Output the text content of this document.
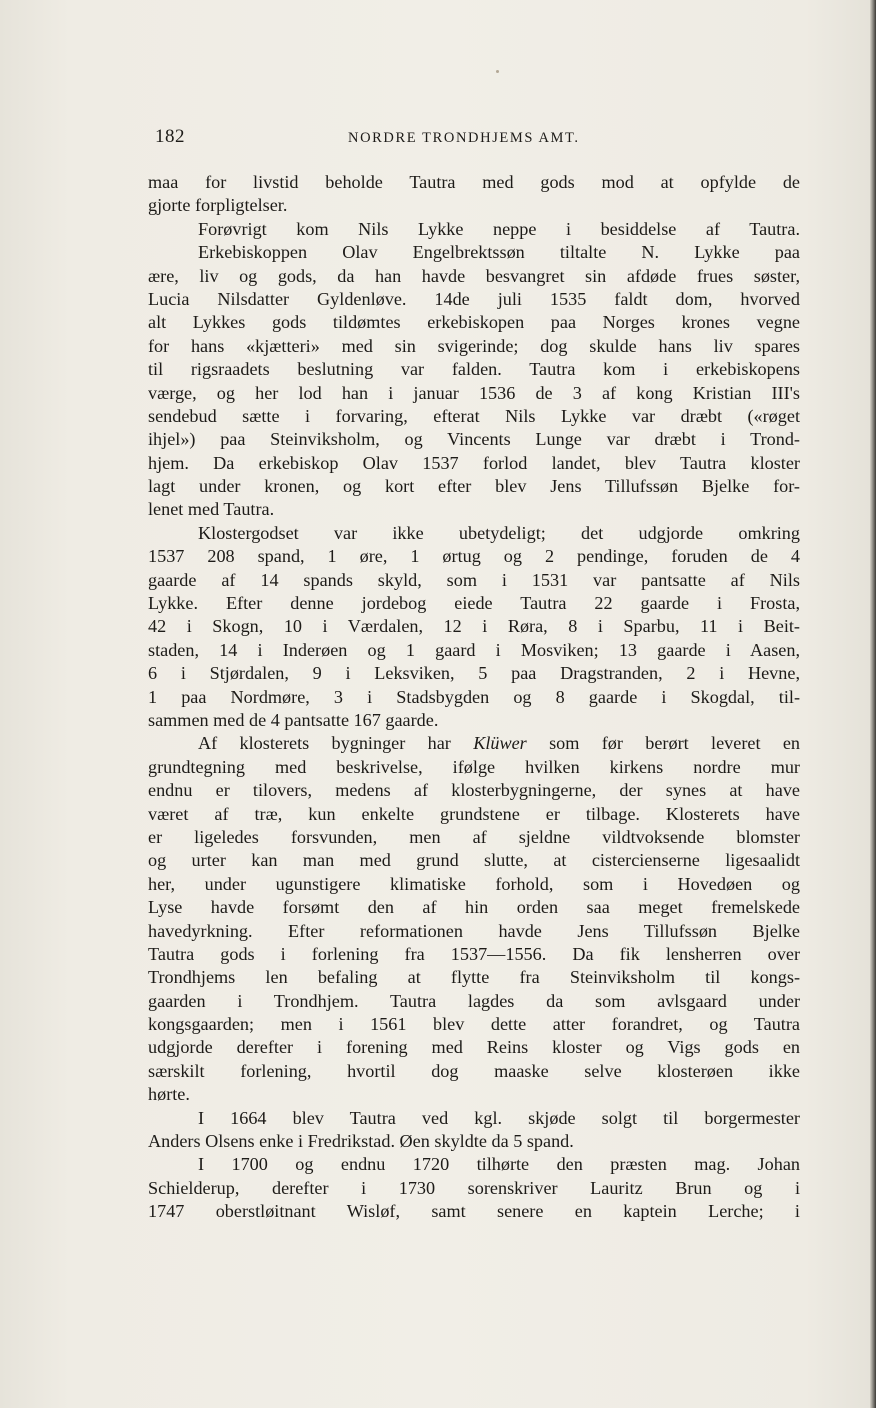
182	NORDRE TRONDHJEMS AMT.
maa for livstid beholde Tautra med gods mod at opfylde de
gjorte forpligtelser.
Forøvrigt kom Nils Lykke neppe i besiddelse af Tautra.
Erkebiskoppen Olav Engelbrektssøn tiltalte N. Lykke paa
ære, liv og gods, da han havde besvangret sin afdøde frues søster,
Lucia Nilsdatter Gyldenløve. 14de juli 1535 faldt dom, hvorved
alt Lykkes gods tildømtes erkebiskopen paa Norges krones vegne
for hans «kjætteri» med sin svigerinde; dog skulde hans liv spares
til rigsraadets beslutning var falden. Tautra kom i erkebiskopens
værge, og her lod han i januar 1536 de 3 af kong Kristian III's
sendebud sætte i forvaring, efterat Nils Lykke var dræbt («røget
ihjel») paa Steinviksholm, og Vincents Lunge var dræbt i Trond-
hjem. Da erkebiskop Olav 1537 forlod landet, blev Tautra kloster
lagt under kronen, og kort efter blev Jens Tillufssøn Bjelke for-
lenet med Tautra.
Klostergodset var ikke ubetydeligt; det udgjorde omkring
1537 208 spand, 1 øre, 1 ørtug og 2 pendinge, foruden de 4
gaarde af 14 spands skyld, som i 1531 var pantsatte af Nils
Lykke. Efter denne jordebog eiede Tautra 22 gaarde i Frosta,
42 i Skogn, 10 i Værdalen, 12 i Røra, 8 i Sparbu, 11 i Beit-
staden, 14 i Inderøen og 1 gaard i Mosviken; 13 gaarde i Aasen,
6 i Stjørdalen, 9 i Leksviken, 5 paa Dragstranden, 2 i Hevne,
1 paa Nordmøre, 3 i Stadsbygden og 8 gaarde i Skogdal, til-
sammen med de 4 pantsatte 167 gaarde.
Af klosterets bygninger har Klüwer som før berørt leveret en
grundtegning med beskrivelse, ifølge hvilken kirkens nordre mur
endnu er tilovers, medens af klosterbygningerne, der synes at have
været af træ, kun enkelte grundstene er tilbage. Klosterets have
er ligeledes forsvunden, men af sjeldne vildtvoksende blomster
og urter kan man med grund slutte, at cistercienserne ligesaalidt
her, under ugunstigere klimatiske forhold, som i Hovedøen og
Lyse havde forsømt den af hin orden saa meget fremelskede
havedyrkning. Efter reformationen havde Jens Tillufssøn Bjelke
Tautra gods i forlening fra 1537—1556. Da fik lensherren over
Trondhjems len befaling at flytte fra Steinviksholm til kongs-
gaarden i Trondhjem. Tautra lagdes da som avlsgaard under
kongsgaarden; men i 1561 blev dette atter forandret, og Tautra
udgjorde derefter i forening med Reins kloster og Vigs gods en
særskilt forlening, hvortil dog maaske selve klosterøen ikke
hørte.
I 1664 blev Tautra ved kgl. skjøde solgt til borgermester
Anders Olsens enke i Fredrikstad. Øen skyldte da 5 spand.
I 1700 og endnu 1720 tilhørte den præsten mag. Johan
Schielderup, derefter i 1730 sorenskriver Lauritz Brun og i
1747 oberstløitnant Wisløf, samt senere en kaptein Lerche; i
